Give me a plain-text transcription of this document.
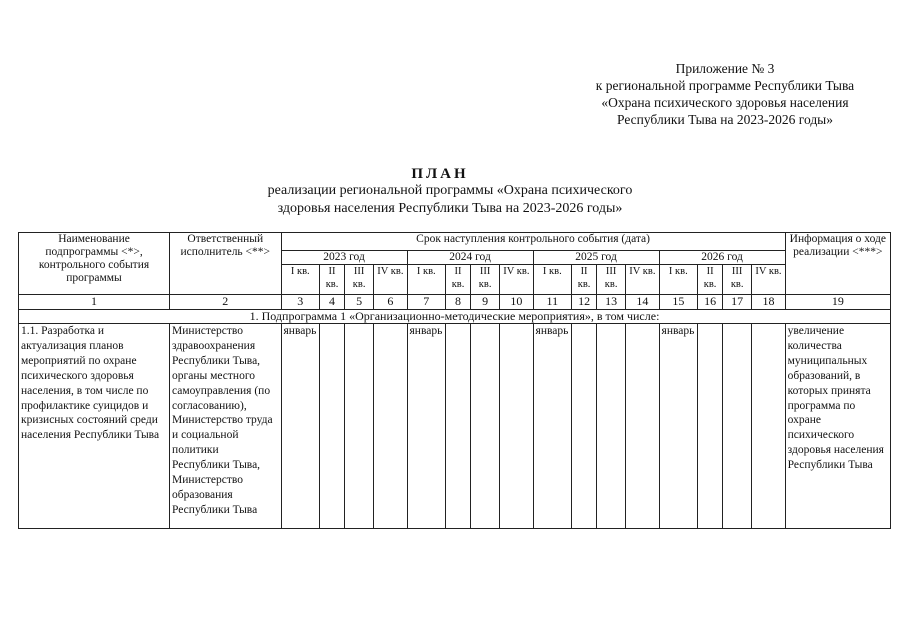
Приложение № 3
к региональной программе Республики Тыва
«Охрана психического здоровья населения
Республики Тыва на 2023-2026 годы»
ПЛАН
реализации региональной программы «Охрана психического
здоровья населения Республики Тыва на 2023-2026 годы»
Наименование подпрограммы <*>, контрольного события программы	Ответственный исполнитель <**>	Срок наступления контрольного события (дата)																Информация о ходе реализации <***>
		2023 год				2024 год				2025 год				2026 год				
		I кв.	II кв.	III кв.	IV кв.	I кв.	II кв.	III кв.	IV кв.	I кв.	II кв.	III кв.	IV кв.	I кв.	II кв.	III кв.	IV кв.	
1	2	3	4	5	6	7	8	9	10	11	12	13	14	15	16	17	18	19
1. Подпрограмма 1 «Организационно-методические мероприятия», в том числе:																		
1.1. Разработка и актуализация планов мероприятий по охране психического здоровья населения, в том числе по профилактике суицидов и кризисных состояний среди населения Республики Тыва	Министерство здравоохранения Республики Тыва, органы местного самоуправления (по согласованию), Министерство труда и социальной политики Республики Тыва, Министерство образования Республики Тыва	январь				январь				январь				январь				увеличение количества муниципальных образований, в которых принята программа по охране психического здоровья населения Республики Тыва
